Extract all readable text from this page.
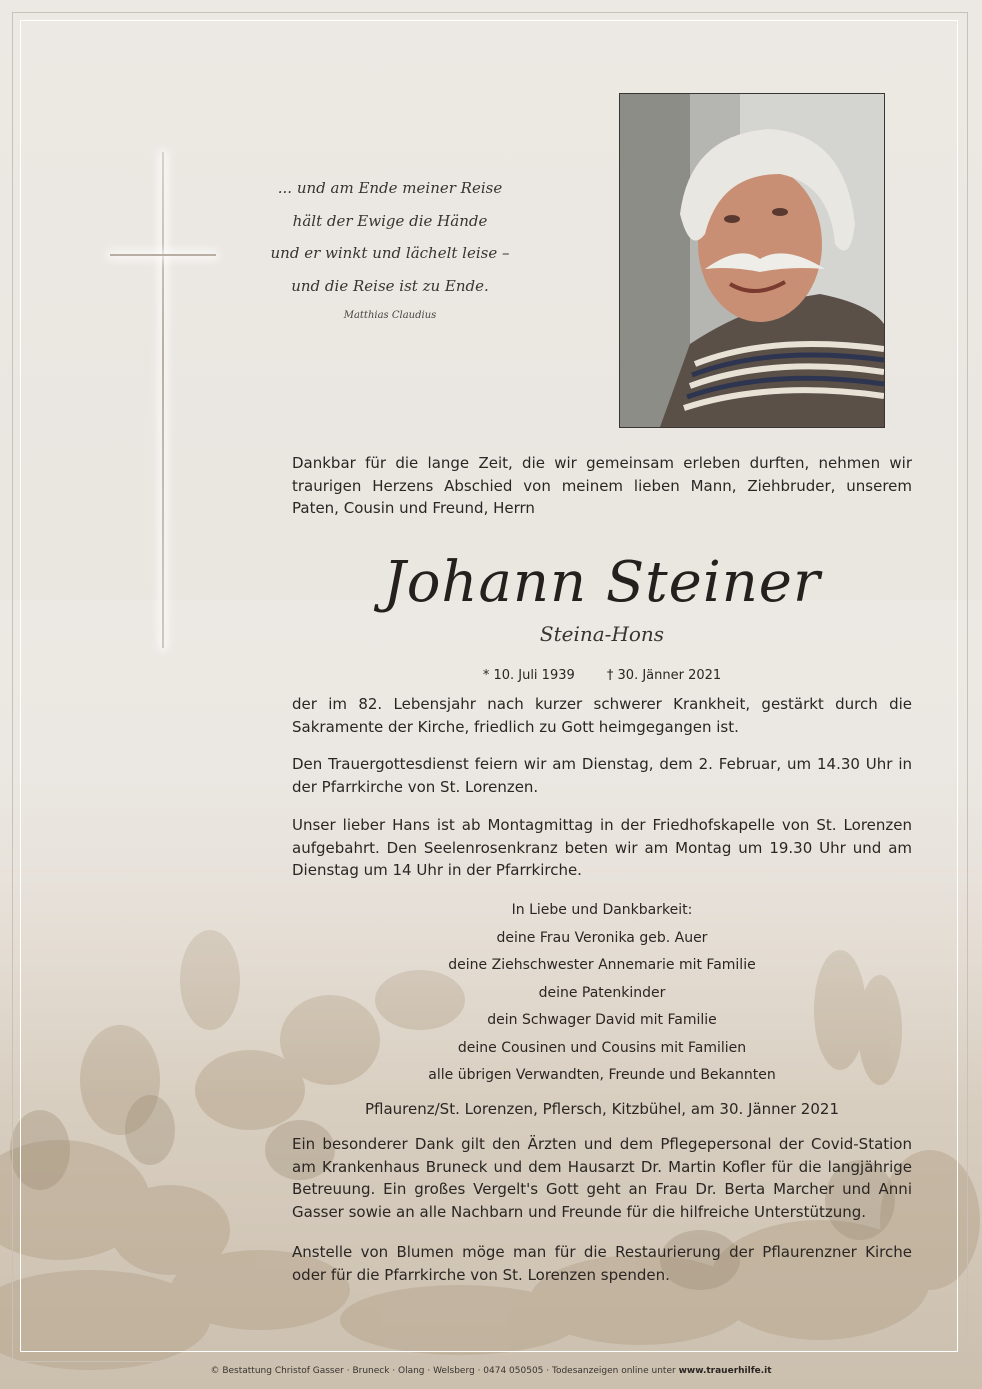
... und am Ende meiner Reise
hält der Ewige die Hände
und er winkt und lächelt leise –
und die Reise ist zu Ende.
Matthias Claudius

Dankbar für die lange Zeit, die wir gemeinsam erleben durften, nehmen wir traurigen Herzens Abschied von meinem lieben Mann, Ziehbruder, unserem Paten, Cousin und Freund, Herrn

Johann Steiner
Steina-Hons
* 10. Juli 1939 † 30. Jänner 2021

der im 82. Lebensjahr nach kurzer schwerer Krankheit, gestärkt durch die Sakramente der Kirche, friedlich zu Gott heimgegangen ist.

Den Trauergottesdienst feiern wir am Dienstag, dem 2. Februar, um 14.30 Uhr in der Pfarrkirche von St. Lorenzen.

Unser lieber Hans ist ab Montagmittag in der Friedhofskapelle von St. Lorenzen aufgebahrt. Den Seelenrosenkranz beten wir am Montag um 19.30 Uhr und am Dienstag um 14 Uhr in der Pfarrkirche.

In Liebe und Dankbarkeit:
deine Frau Veronika geb. Auer
deine Ziehschwester Annemarie mit Familie
deine Patenkinder
dein Schwager David mit Familie
deine Cousinen und Cousins mit Familien
alle übrigen Verwandten, Freunde und Bekannten

Pflaurenz/St. Lorenzen, Pflersch, Kitzbühel, am 30. Jänner 2021

Ein besonderer Dank gilt den Ärzten und dem Pflegepersonal der Covid-Station am Krankenhaus Bruneck und dem Hausarzt Dr. Martin Kofler für die langjährige Betreuung. Ein großes Vergelt's Gott geht an Frau Dr. Berta Marcher und Anni Gasser sowie an alle Nachbarn und Freunde für die hilfreiche Unterstützung.

Anstelle von Blumen möge man für die Restaurierung der Pflaurenzner Kirche oder für die Pfarrkirche von St. Lorenzen spenden.

© Bestattung Christof Gasser · Bruneck · Olang · Welsberg · 0474 050505 · Todesanzeigen online unter www.trauerhilfe.it
